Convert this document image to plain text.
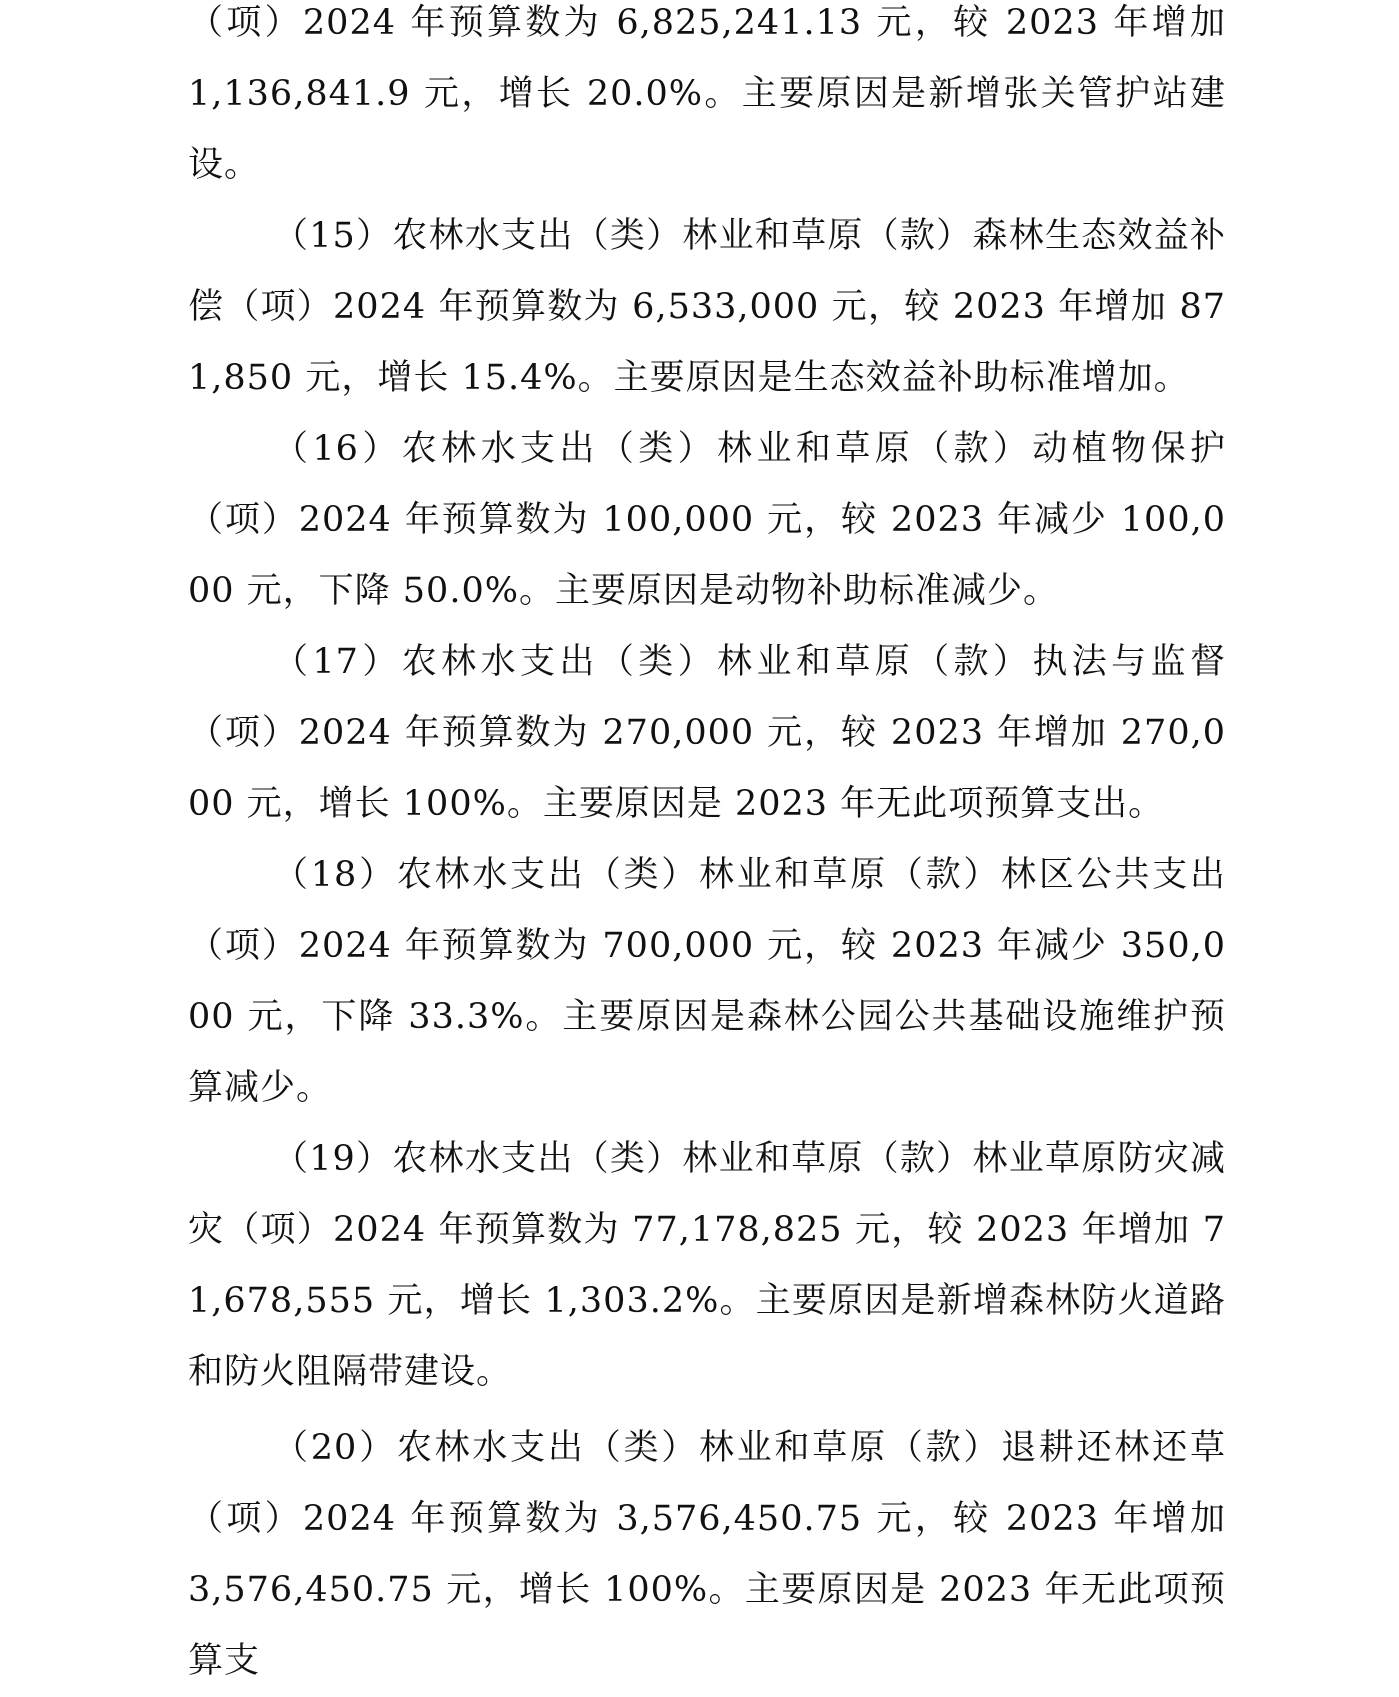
（项）2024 年预算数为 6,825,241.13 元，较 2023 年增加 1,136,841.9 元，增长 20.0%。主要原因是新增张关管护站建设。

（15）农林水支出（类）林业和草原（款）森林生态效益补偿（项）2024 年预算数为 6,533,000 元，较 2023 年增加 871,850 元，增长 15.4%。主要原因是生态效益补助标准增加。

（16）农林水支出（类）林业和草原（款）动植物保护（项）2024 年预算数为 100,000 元，较 2023 年减少 100,000 元，下降 50.0%。主要原因是动物补助标准减少。

（17）农林水支出（类）林业和草原（款）执法与监督（项）2024 年预算数为 270,000 元，较 2023 年增加 270,000 元，增长 100%。主要原因是 2023 年无此项预算支出。

（18）农林水支出（类）林业和草原（款）林区公共支出（项）2024 年预算数为 700,000 元，较 2023 年减少 350,000 元，下降 33.3%。主要原因是森林公园公共基础设施维护预算减少。

（19）农林水支出（类）林业和草原（款）林业草原防灾减灾（项）2024 年预算数为 77,178,825 元，较 2023 年增加 71,678,555 元，增长 1,303.2%。主要原因是新增森林防火道路和防火阻隔带建设。

（20）农林水支出（类）林业和草原（款）退耕还林还草（项）2024 年预算数为 3,576,450.75 元，较 2023 年增加 3,576,450.75 元，增长 100%。主要原因是 2023 年无此项预算支
